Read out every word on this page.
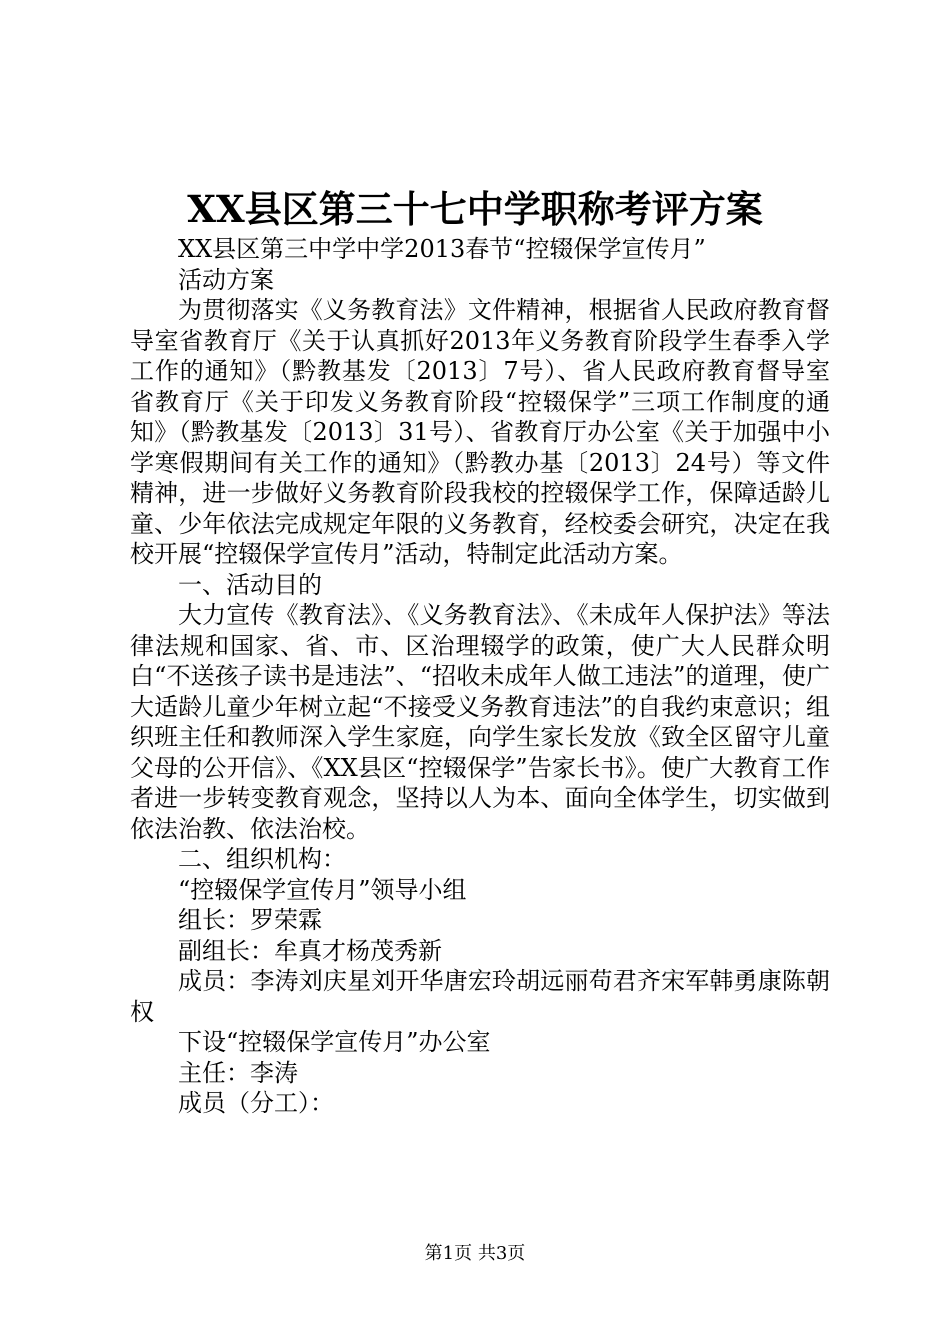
XX县区第三十七中学职称考评方案

XX县区第三中学中学2013春节“控辍保学宣传月”

活动方案

为贯彻落实《义务教育法》文件精神，根据省人民政府教育督导室省教育厅《关于认真抓好2013年义务教育阶段学生春季入学工作的通知》（黔教基发〔2013〕7号）、省人民政府教育督导室省教育厅《关于印发义务教育阶段“控辍保学”三项工作制度的通知》（黔教基发〔2013〕31号）、省教育厅办公室《关于加强中小学寒假期间有关工作的通知》（黔教办基〔2013〕24号）等文件精神，进一步做好义务教育阶段我校的控辍保学工作，保障适龄儿童、少年依法完成规定年限的义务教育，经校委会研究，决定在我校开展“控辍保学宣传月”活动，特制定此活动方案。

一、活动目的

大力宣传《教育法》、《义务教育法》、《未成年人保护法》等法律法规和国家、省、市、区治理辍学的政策，使广大人民群众明白“不送孩子读书是违法”、“招收未成年人做工违法”的道理，使广大适龄儿童少年树立起“不接受义务教育违法”的自我约束意识；组织班主任和教师深入学生家庭，向学生家长发放《致全区留守儿童父母的公开信》、《XX县区“控辍保学”告家长书》。使广大教育工作者进一步转变教育观念，坚持以人为本、面向全体学生，切实做到依法治教、依法治校。

二、组织机构：

“控辍保学宣传月”领导小组

组长：罗荣霖

副组长：牟真才杨茂秀新

成员：李涛刘庆星刘开华唐宏玲胡远丽苟君齐宋军韩勇康陈朝权

下设“控辍保学宣传月”办公室

主任：李涛

成员（分工）：

第1页 共3页
